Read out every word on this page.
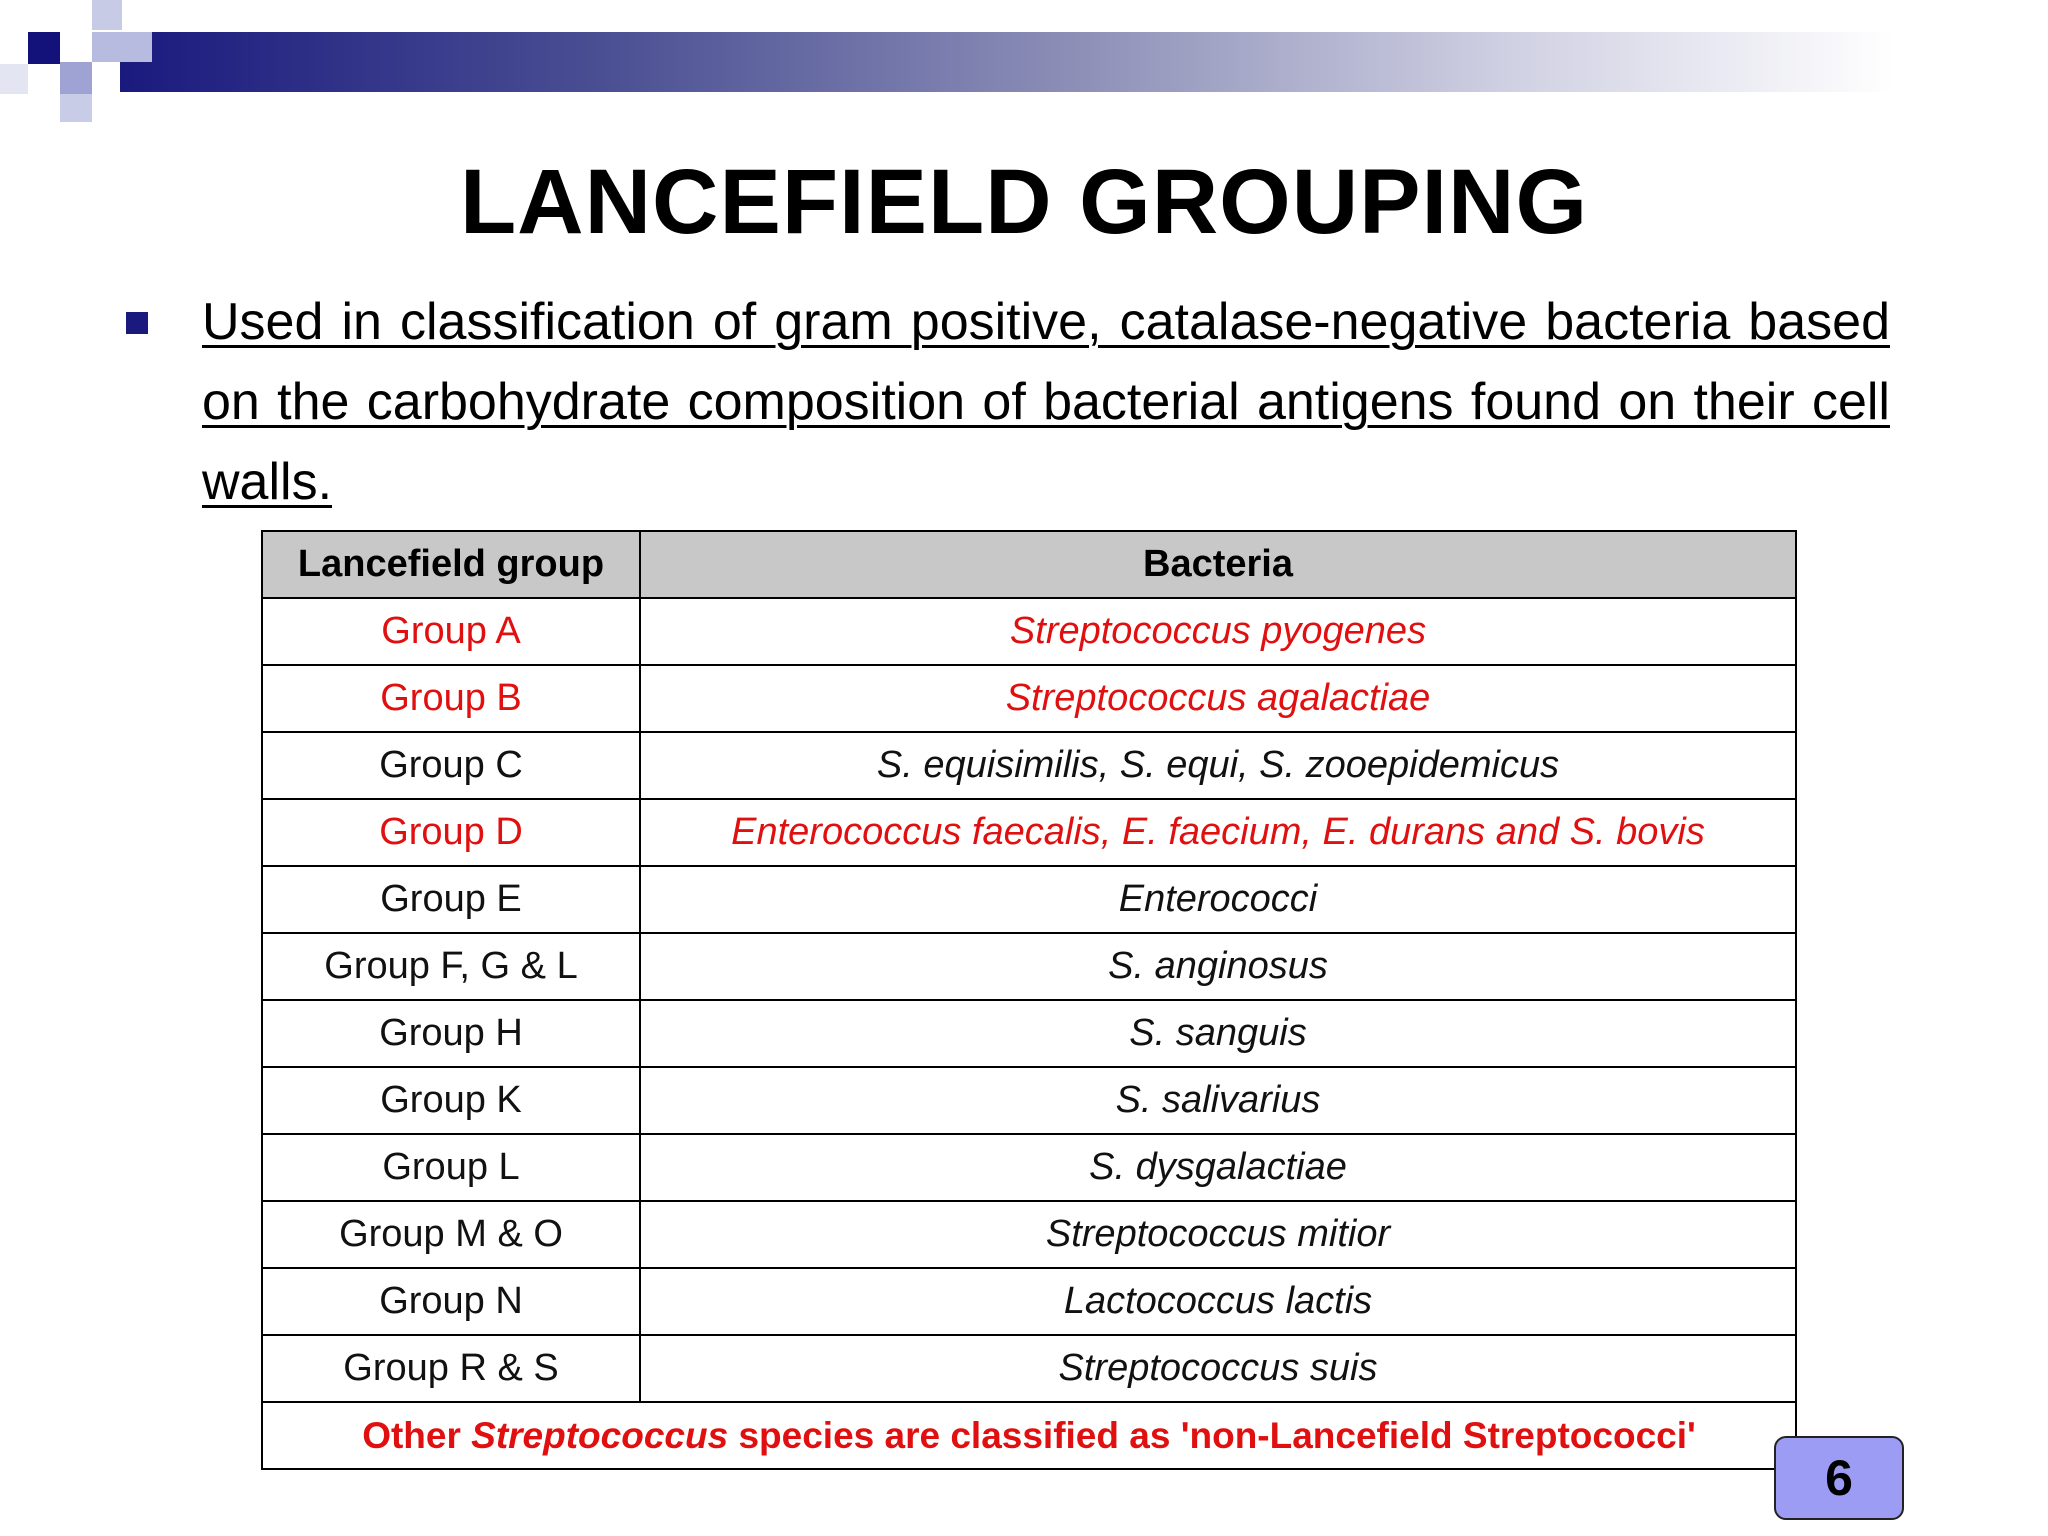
LANCEFIELD GROUPING
Used in classification of gram positive, catalase-negative bacteria based on the carbohydrate composition of bacterial antigens found on their cell walls.
Lancefield group	Bacteria
Group A	Streptococcus pyogenes
Group B	Streptococcus agalactiae
Group C	S. equisimilis, S. equi, S. zooepidemicus
Group D	Enterococcus faecalis, E. faecium, E. durans and S. bovis
Group E	Enterococci
Group F, G & L	S. anginosus
Group H	S. sanguis
Group K	S. salivarius
Group L	S. dysgalactiae
Group M & O	Streptococcus mitior
Group N	Lactococcus lactis
Group R & S	Streptococcus suis
Other Streptococcus species are classified as 'non-Lancefield Streptococci'	
6
